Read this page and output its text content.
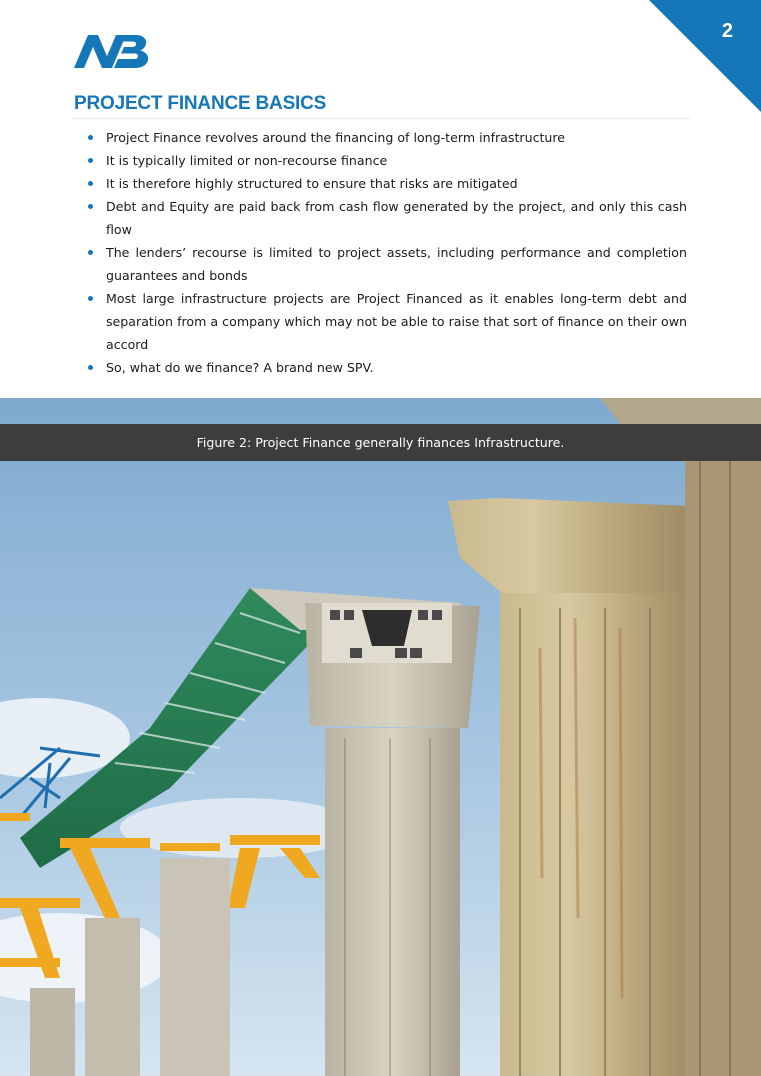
2
PROJECT FINANCE BASICS
Project Finance revolves around the financing of long-term infrastructure
It is typically limited or non-recourse finance
It is therefore highly structured to ensure that risks are mitigated
Debt and Equity are paid back from cash flow generated by the project, and only this cash flow
The lenders’ recourse is limited to project assets, including performance and completion guarantees and bonds
Most large infrastructure projects are Project Financed as it enables long-term debt and separation from a company which may not be able to raise that sort of finance on their own accord
So, what do we finance? A brand new SPV.
Figure 2: Project Finance generally finances Infrastructure.
